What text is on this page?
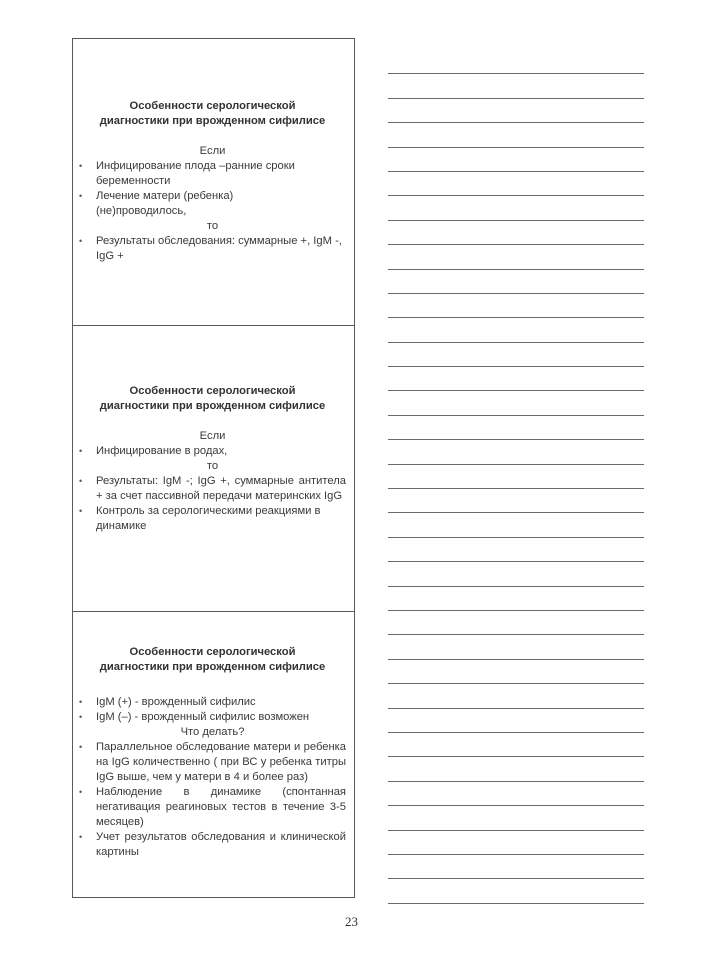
Особенности серологической
диагностики при врожденном сифилисе

Если

• Инфицирование плода –ранние сроки беременности
• Лечение матери (ребенка) (не)проводилось,

то

• Результаты обследования: суммарные +, IgM -, IgG +

Особенности серологической
диагностики при врожденном сифилисе

Если

• Инфицирование в родах,

то

• Результаты: IgM -; IgG +, суммарные антитела + за счет пассивной передачи материнских IgG
• Контроль за серологическими реакциями в динамике

Особенности серологической
диагностики при врожденном сифилисе

• IgM (+) - врожденный сифилис
• IgM (–) - врожденный сифилис возможен

Что делать?

• Параллельное обследование матери и ребенка на IgG количественно ( при ВС у ребенка титры IgG выше, чем у матери в 4 и более раз)
• Наблюдение в динамике (спонтанная негативация реагиновых тестов в течение 3-5 месяцев)
• Учет результатов обследования и клинической картины
23
